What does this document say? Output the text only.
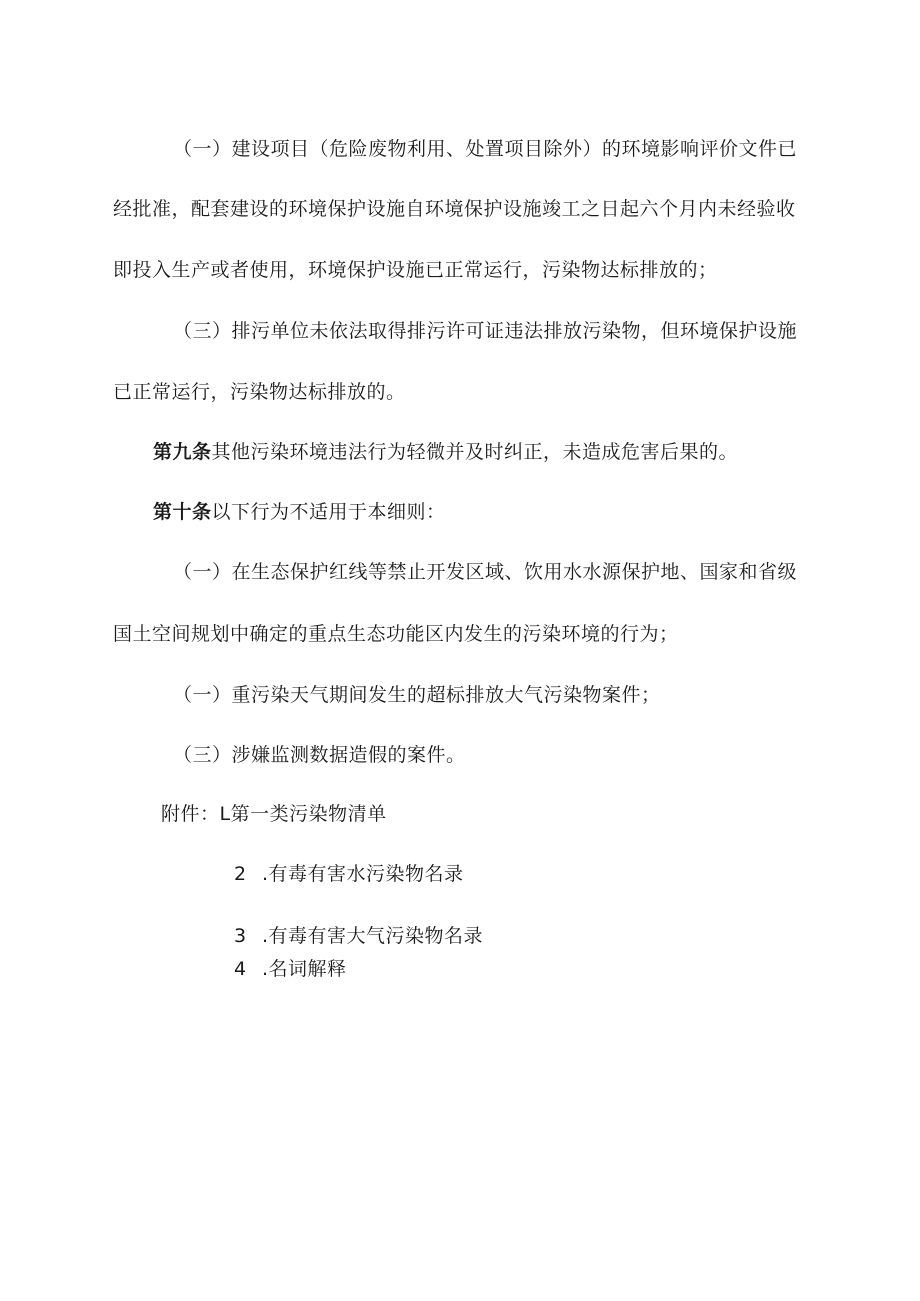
（一）建设项目（危险废物利用、处置项目除外）的环境影响评价文件已
经批准，配套建设的环境保护设施自环境保护设施竣工之日起六个月内未经验收
即投入生产或者使用，环境保护设施已正常运行，污染物达标排放的；
（三）排污单位未依法取得排污许可证违法排放污染物，但环境保护设施
已正常运行，污染物达标排放的。
第九条其他污染环境违法行为轻微并及时纠正，未造成危害后果的。
第十条以下行为不适用于本细则：
（一）在生态保护红线等禁止开发区域、饮用水水源保护地、国家和省级
国土空间规划中确定的重点生态功能区内发生的污染环境的行为；
（一）重污染天气期间发生的超标排放大气污染物案件；
（三）涉嫌监测数据造假的案件。
附件：L第一类污染物清单
2 .有毒有害水污染物名录
3 .有毒有害大气污染物名录
4 .名词解释
